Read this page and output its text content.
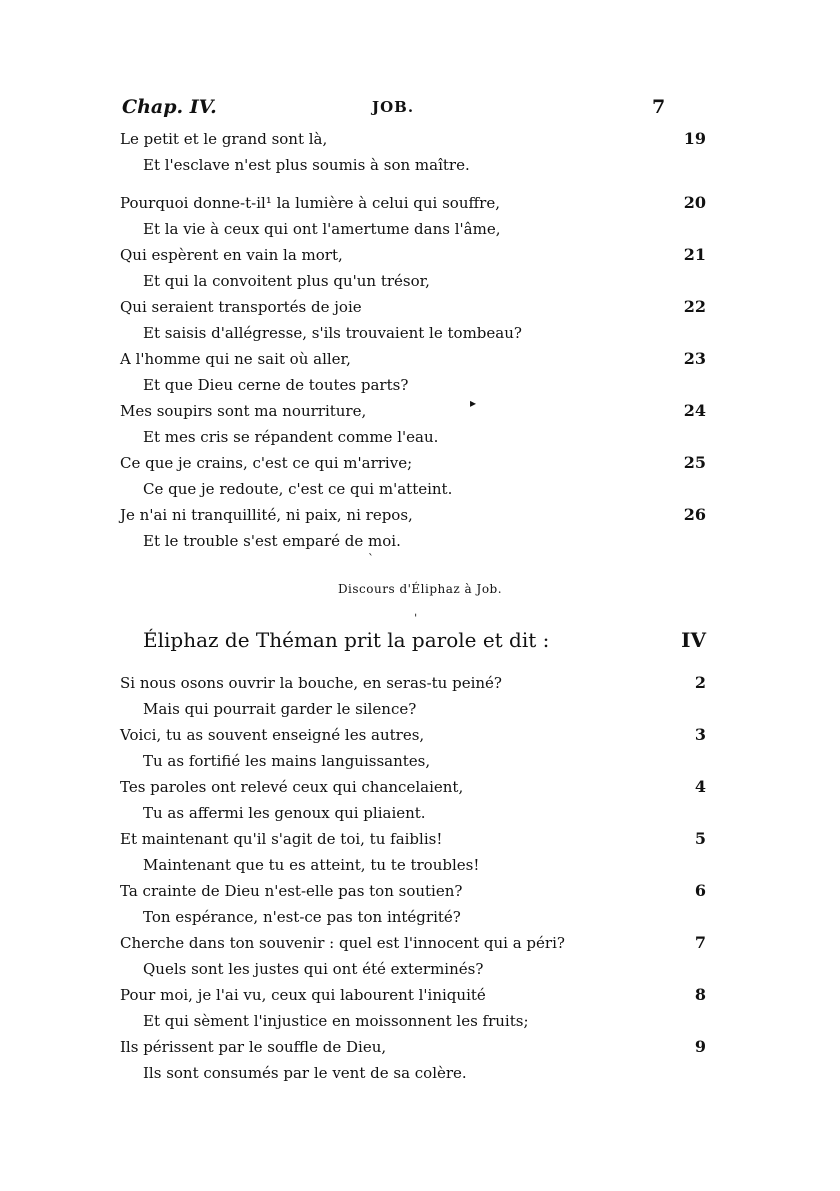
Chap. IV.	JOB.	7
Le petit et le grand sont là,	19
Et l'esclave n'est plus soumis à son maître.
Pourquoi donne-t-il¹ la lumière à celui qui souffre,	20
Et la vie à ceux qui ont l'amertume dans l'âme,
Qui espèrent en vain la mort,	21
Et qui la convoitent plus qu'un trésor,
Qui seraient transportés de joie	22
Et saisis d'allégresse, s'ils trouvaient le tombeau?
A l'homme qui ne sait où aller,	23
Et que Dieu cerne de toutes parts?
Mes soupirs sont ma nourriture,	24
Et mes cris se répandent comme l'eau.
Ce que je crains, c'est ce qui m'arrive;	25
Ce que je redoute, c'est ce qui m'atteint.
Je n'ai ni tranquillité, ni paix, ni repos,	26
Et le trouble s'est emparé de moi.
Discours d'Éliphaz à Job.
Éliphaz de Théman prit la parole et dit :	IV
Si nous osons ouvrir la bouche, en seras-tu peiné?	2
Mais qui pourrait garder le silence?
Voici, tu as souvent enseigné les autres,	3
Tu as fortifié les mains languissantes,
Tes paroles ont relevé ceux qui chancelaient,	4
Tu as affermi les genoux qui pliaient.
Et maintenant qu'il s'agit de toi, tu faiblis!	5
Maintenant que tu es atteint, tu te troubles!
Ta crainte de Dieu n'est-elle pas ton soutien?	6
Ton espérance, n'est-ce pas ton intégrité?
Cherche dans ton souvenir : quel est l'innocent qui a péri?	7
Quels sont les justes qui ont été exterminés?
Pour moi, je l'ai vu, ceux qui labourent l'iniquité	8
Et qui sèment l'injustice en moissonnent les fruits;
Ils périssent par le souffle de Dieu,	9
Ils sont consumés par le vent de sa colère.
▸
ˋ
ˈ
